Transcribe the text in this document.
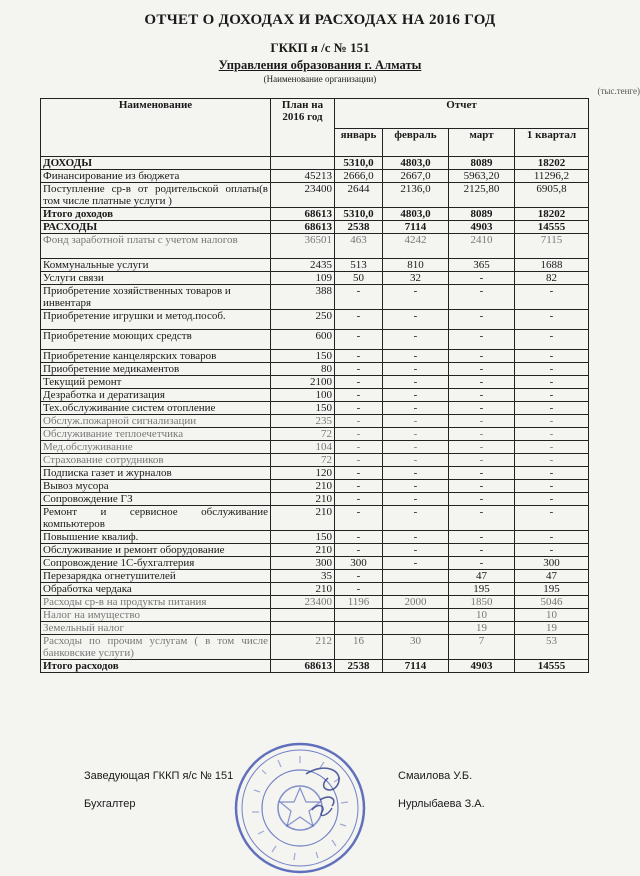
ОТЧЕТ О ДОХОДАХ И РАСХОДАХ НА 2016 ГОД
ГККП я /с № 151
Управления образования г. Алматы
(Наименование организации)
(тыс.тенге)
Наименование	План на 2016 год	Отчет			
		январь	февраль	март	1 квартал
ДОХОДЫ		5310,0	4803,0	8089	18202
Финансирование из бюджета	45213	2666,0	2667,0	5963,20	11296,2
Поступление ср-в от родительской оплаты(в том числе платные услуги )	23400	2644	2136,0	2125,80	6905,8
Итого доходов	68613	5310,0	4803,0	8089	18202
РАСХОДЫ	68613	2538	7114	4903	14555
Фонд заработной платы с учетом налогов	36501	463	4242	2410	7115
Коммунальные услуги	2435	513	810	365	1688
Услуги связи	109	50	32	-	82
Приобретение хозяйственных товаров и инвентаря	388	-	-	-	-
Приобретение игрушки и метод.пособ.	250	-	-	-	-
Приобретение моющих средств	600	-	-	-	-
Приобретение канцелярских товаров	150	-	-	-	-
Приобретение медикаментов	80	-	-	-	-
Текущий ремонт	2100	-	-	-	-
Дезработка и дератизация	100	-	-	-	-
Тех.обслуживание систем отопление	150	-	-	-	-
Обслуж.пожарной сигнализации	235	-	-	-	-
Обслуживание теплоечетчика	72	-	-	-	-
Мед.обслуживание	104	-	-	-	-
Страхование сотрудников	72	-	-	-	-
Подписка газет и журналов	120	-	-	-	-
Вывоз мусора	210	-	-	-	-
Сопровождение ГЗ	210	-	-	-	-
Ремонт и сервисное обслуживание компьютеров	210	-	-	-	-
Повышение квалиф.	150	-	-	-	-
Обслуживание и ремонт оборудование	210	-	-	-	-
Сопровождение 1С-бухгалтерия	300	300	-	-	300
Перезарядка огнетушителей	35	-		47	47
Обработка чердака	210	-		195	195
Расходы ср-в на продукты питания	23400	1196	2000	1850	5046
Налог на имущество				10	10
Земельный налог				19	19
Расходы по прочим услугам ( в том числе банковские услуги)	212	16	30	7	53
Итого расходов	68613	2538	7114	4903	14555
Заведующая ГККП я/с № 151	Смаилова У.Б.
Бухгалтер	Нурлыбаева З.А.
